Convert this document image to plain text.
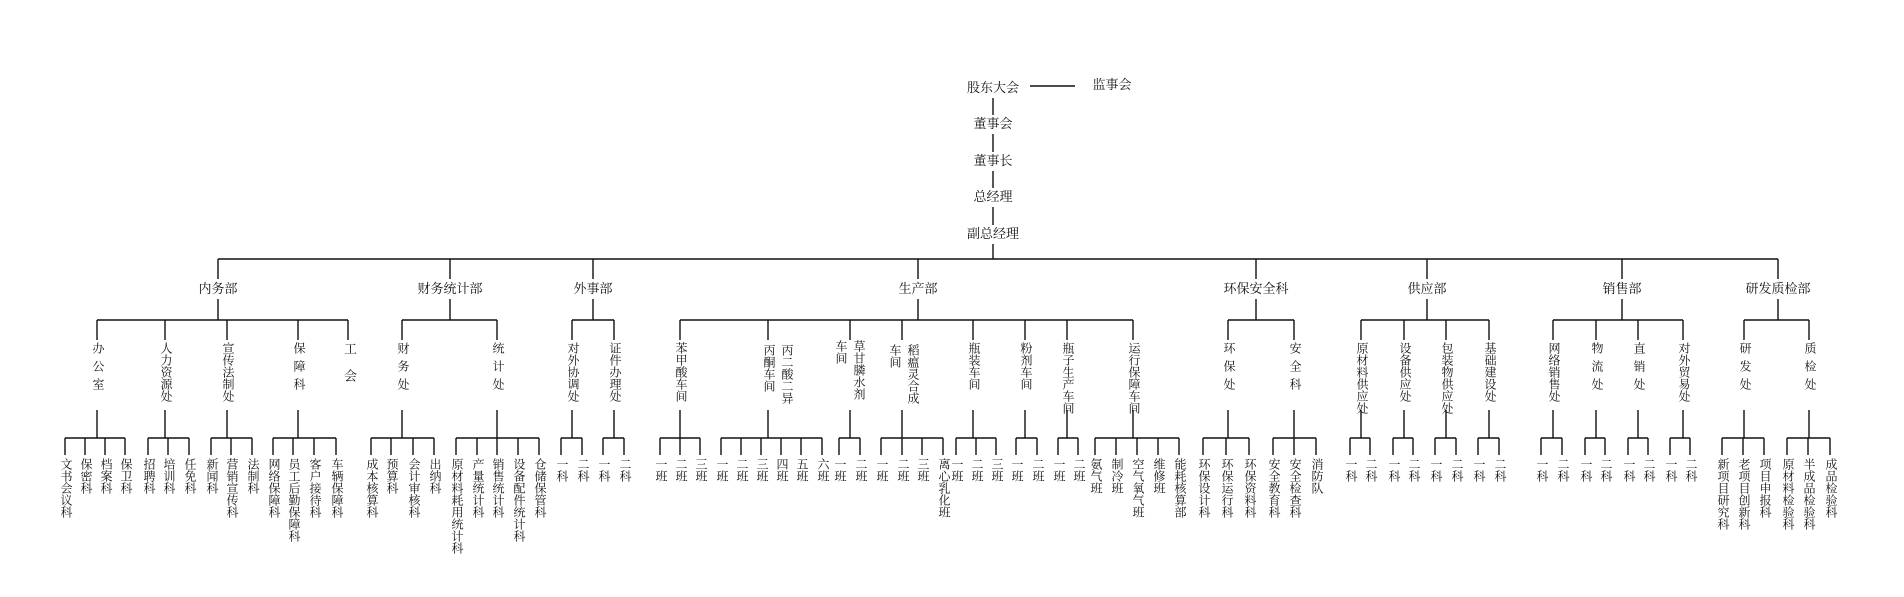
股东大会	监事会
董事会
董事长
总经理
副总经理
内务部
办公室
文书会议科 保密科 档案科 保卫科
人力资源处
招聘科 培训科 任免科
宣传法制处
新闻科 营销宣传科 法制科
保障科
网络保障科 员工后勤保障科 客户接待科 车辆保障科
工会
财务统计部
财务处
成本核算科 预算科 会计审核科 出纳科
统计处
原材料耗用统计科 产量统计科 销售统计科 设备配件统计科 仓储保管科
外事部
对外协调处
一科 二科
证件办理处
一科 二科
生产部
苯甲酸车间
一班 二班 三班
丙酮车间
一班 二班 三班 四班 五班 六班
丙二酸二异	车间
一班 二班
草甘膦水剂 车间
一班 二班 三班 离心乳化班
稻瘟灵合成	瓶装车间
一班 二班 三班
粉剂车间
一班 二班
瓶子生产车间
一班 二班
运行保障车间
氨气班 制冷班 空气氧气班 维修班 能耗核算部
环保安全科
环保处
环保设计科 环保运行科 环保资料科
安全科
安全教育科 安全检查科 消防队
供应部
原材料供应处
一科 二科
设备供应处
一科 二科
包装物供应处
一科 二科
基础建设处
一科 二科
销售部
网络销售处
一科 二科
物流处
一科 二科
直销处
一科 二科
对外贸易处
一科 二科
研发质检部
研发处
新项目研究科 老项目创新科 项目申报科
质检处
原材料检验科 半成品检验科 成品检验科
